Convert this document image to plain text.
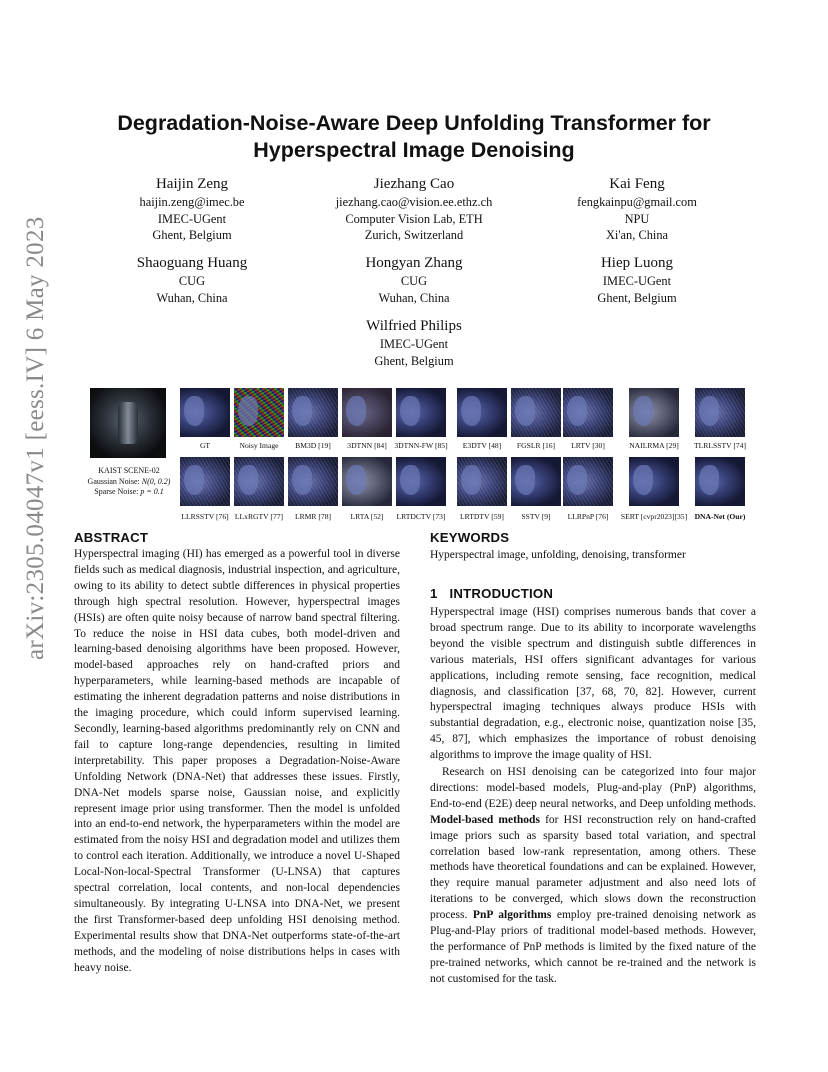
arXiv:2305.04047v1 [eess.IV] 6 May 2023
Degradation-Noise-Aware Deep Unfolding Transformer for
Hyperspectral Image Denoising
Haijin Zeng
haijin.zeng@imec.be
IMEC-UGent
Ghent, Belgium
Jiezhang Cao
jiezhang.cao@vision.ee.ethz.ch
Computer Vision Lab, ETH
Zurich, Switzerland
Kai Feng
fengkainpu@gmail.com
NPU
Xi'an, China
Shaoguang Huang
CUG
Wuhan, China
Hongyan Zhang
CUG
Wuhan, China
Hiep Luong
IMEC-UGent
Ghent, Belgium
Wilfried Philips
IMEC-UGent
Ghent, Belgium
KAIST SCENE-02
Gaussian Noise: N(0, 0.2)
Sparse Noise: p = 0.1
GT	Noisy Image	BM3D [19]	3DTNN [84]	3DTNN-FW [85]	E3DTV [48]	FGSLR [16]	LRTV [30]	NAILRMA [29]	TLRLSSTV [74]
LLRSSTV [76] LLxRGTV [77]	LRMR [78]	LRTA [52]	LRTDCTV [73]	LRTDTV [59]	SSTV [9]	LLRPnP [76]	SERT [cvpr2023][35] DNA-Net (Our)
ABSTRACT

Hyperspectral imaging (HI) has emerged as a powerful tool in diverse fields such as medical diagnosis, industrial inspection, and agriculture, owing to its ability to detect subtle differences in physical properties through high spectral resolution. However, hyperspectral images (HSIs) are often quite noisy because of narrow band spectral filtering. To reduce the noise in HSI data cubes, both model-driven and learning-based denoising algorithms have been proposed. However, model-based approaches rely on hand-crafted priors and hyperparameters, while learning-based methods are incapable of estimating the inherent degradation patterns and noise distributions in the imaging procedure, which could inform supervised learning. Secondly, learning-based algorithms predominantly rely on CNN and fail to capture long-range dependencies, resulting in limited interpretability. This paper proposes a Degradation-Noise-Aware Unfolding Network (DNA-Net) that addresses these issues. Firstly, DNA-Net models sparse noise, Gaussian noise, and explicitly represent image prior using transformer. Then the model is unfolded into an end-to-end network, the hyperparameters within the model are estimated from the noisy HSI and degradation model and utilizes them to control each iteration. Additionally, we introduce a novel U-Shaped Local-Non-local-Spectral Transformer (U-LNSA) that captures spectral correlation, local contents, and non-local dependencies simultaneously. By integrating U-LNSA into DNA-Net, we present the first Transformer-based deep unfolding HSI denoising method. Experimental results show that DNA-Net outperforms state-of-the-art methods, and the modeling of noise distributions helps in cases with heavy noise.

KEYWORDS

Hyperspectral image, unfolding, denoising, transformer

1 INTRODUCTION

Hyperspectral image (HSI) comprises numerous bands that cover a broad spectrum range. Due to its ability to incorporate wavelengths beyond the visible spectrum and distinguish subtle differences in various materials, HSI offers significant advantages for various applications, including remote sensing, face recognition, medical diagnosis, and classification [37, 68, 70, 82]. However, current hyperspectral imaging techniques always produce HSIs with substantial degradation, e.g., electronic noise, quantization noise [35, 45, 87], which emphasizes the importance of robust denoising algorithms to improve the image quality of HSI.

Research on HSI denoising can be categorized into four major directions: model-based models, Plug-and-play (PnP) algorithms, End-to-end (E2E) deep neural networks, and Deep unfolding methods. Model-based methods for HSI reconstruction rely on hand-crafted image priors such as sparsity based total variation, and spectral correlation based low-rank representation, among others. These methods have theoretical foundations and can be explained. However, they require manual parameter adjustment and also need lots of iterations to be converged, which slows down the reconstruction process. PnP algorithms employ pre-trained denoising network as Plug-and-Play priors of traditional model-based methods. However, the performance of PnP methods is limited by the fixed nature of the pre-trained networks, which cannot be re-trained and the network is not customised for the task.
